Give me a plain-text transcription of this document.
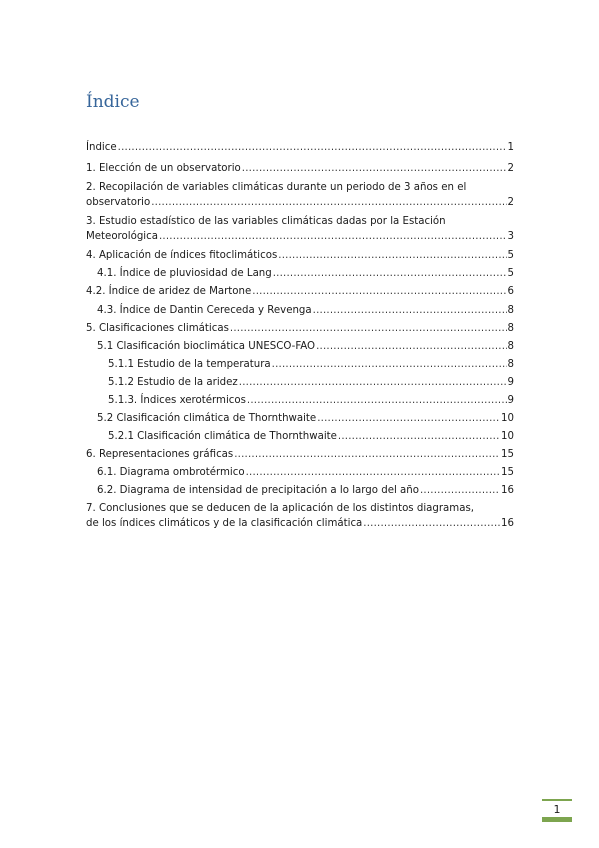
Índice
Índice .....	1
1. Elección de un observatorio .....	2
2. Recopilación de variables climáticas durante un periodo de 3 años en el
observatorio .....	2
3. Estudio estadístico de las variables climáticas dadas por la Estación
Meteorológica .....	3
4. Aplicación de índices fitoclimáticos .....	5
4.1. Índice de pluviosidad de Lang .....	5
4.2. Índice de aridez de Martone .....	6
4.3. Índice de Dantin Cereceda y Revenga .....	8
5. Clasificaciones climáticas .....	8
5.1 Clasificación bioclimática UNESCO-FAO .....	8
5.1.1 Estudio de la temperatura .....	8
5.1.2 Estudio de la aridez .....	9
5.1.3. Índices xerotérmicos .....	9
5.2 Clasificación climática de Thornthwaite .....	10
5.2.1 Clasificación climática de Thornthwaite .....	10
6. Representaciones gráficas .....	15
6.1. Diagrama ombrotérmico .....	15
6.2. Diagrama de intensidad de precipitación a lo largo del año .....	16
7. Conclusiones que se deducen de la aplicación de los distintos diagramas,
de los índices climáticos y de la clasificación climática .....	16
1
